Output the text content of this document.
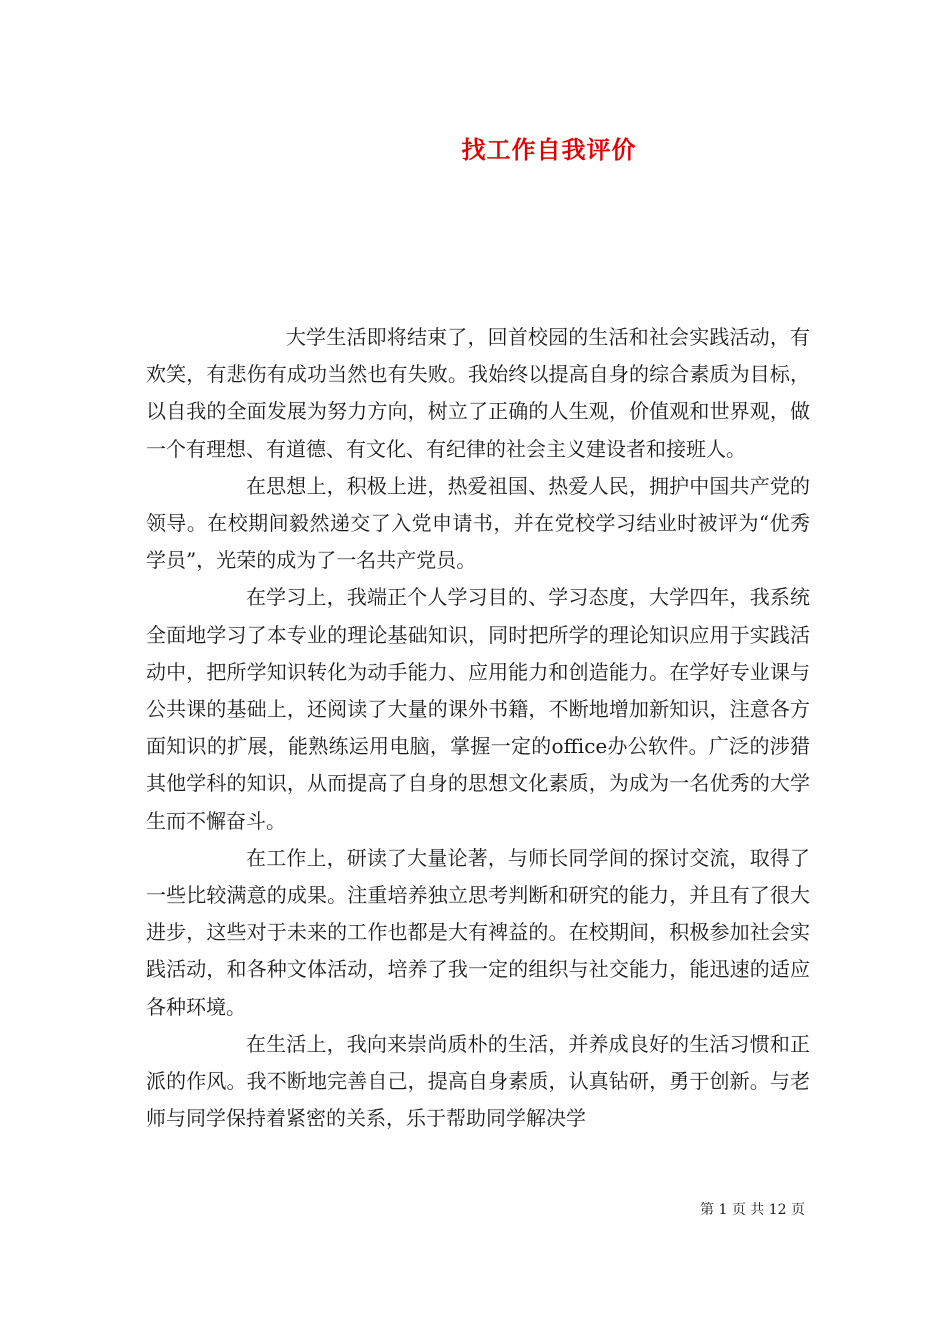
找工作自我评价

大学生活即将结束了，回首校园的生活和社会实践活动，有欢笑，有悲伤有成功当然也有失败。我始终以提高自身的综合素质为目标，以自我的全面发展为努力方向，树立了正确的人生观，价值观和世界观，做一个有理想、有道德、有文化、有纪律的社会主义建设者和接班人。

在思想上，积极上进，热爱祖国、热爱人民，拥护中国共产党的领导。在校期间毅然递交了入党申请书，并在党校学习结业时被评为“优秀学员”，光荣的成为了一名共产党员。

在学习上，我端正个人学习目的、学习态度，大学四年，我系统全面地学习了本专业的理论基础知识，同时把所学的理论知识应用于实践活动中，把所学知识转化为动手能力、应用能力和创造能力。在学好专业课与公共课的基础上，还阅读了大量的课外书籍，不断地增加新知识，注意各方面知识的扩展，能熟练运用电脑，掌握一定的office办公软件。广泛的涉猎其他学科的知识，从而提高了自身的思想文化素质，为成为一名优秀的大学生而不懈奋斗。

在工作上，研读了大量论著，与师长同学间的探讨交流，取得了一些比较满意的成果。注重培养独立思考判断和研究的能力，并且有了很大进步，这些对于未来的工作也都是大有裨益的。在校期间，积极参加社会实践活动，和各种文体活动，培养了我一定的组织与社交能力，能迅速的适应各种环境。

在生活上，我向来崇尚质朴的生活，并养成良好的生活习惯和正派的作风。我不断地完善自己，提高自身素质，认真钻研，勇于创新。与老师与同学保持着紧密的关系，乐于帮助同学解决学

第 1 页 共 12 页
